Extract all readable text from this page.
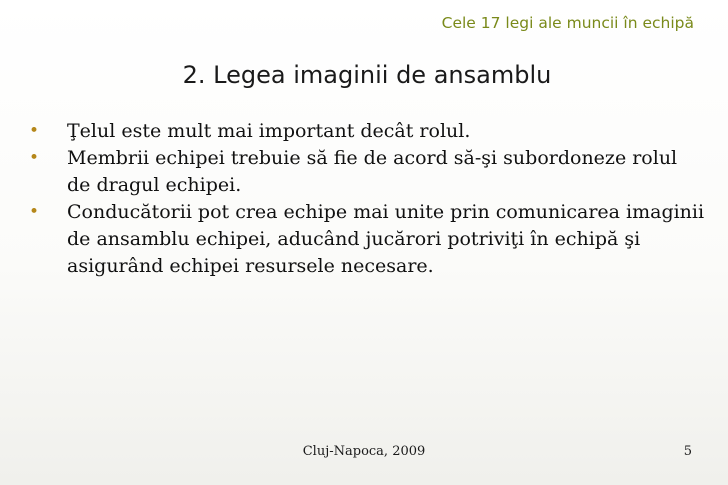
Cele 17 legi ale muncii în echipă
2. Legea imaginii de ansamblu
•	Ţelul este mult mai important decât rolul.
•	Membrii echipei trebuie să fie de acord să-şi subordoneze rolul de dragul echipei.
•	Conducătorii pot crea echipe mai unite prin comunicarea imaginii de ansamblu echipei, aducând jucărori potriviţi în echipă şi asigurând echipei resursele necesare.
Cluj-Napoca, 2009	5
